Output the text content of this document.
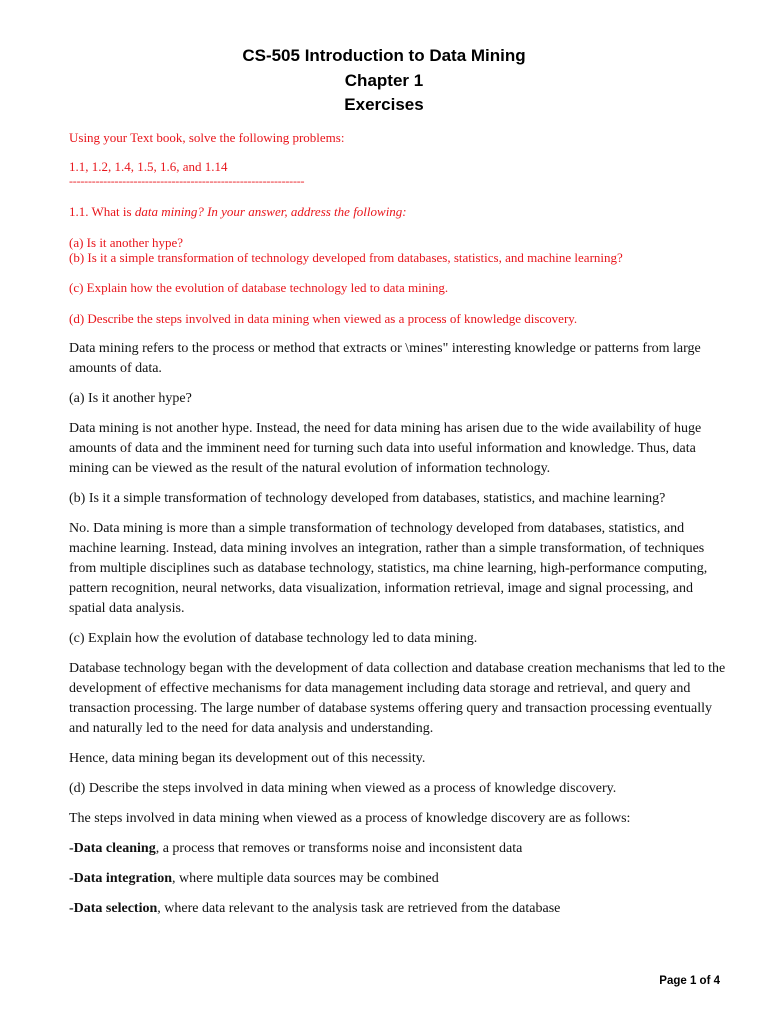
CS-505 Introduction to Data Mining
Chapter 1
Exercises
Using your Text book, solve the following problems:
1.1, 1.2, 1.4, 1.5, 1.6, and 1.14
--------------------------------------------------------------
1.1. What is data mining? In your answer, address the following:
(a) Is it another hype?
(b) Is it a simple transformation of technology developed from databases, statistics, and machine learning?
(c) Explain how the evolution of database technology led to data mining.
(d) Describe the steps involved in data mining when viewed as a process of knowledge discovery.

Data mining refers to the process or method that extracts or \mines" interesting knowledge or patterns from large amounts of data.

(a) Is it another hype?

Data mining is not another hype. Instead, the need for data mining has arisen due to the wide availability of huge amounts of data and the imminent need for turning such data into useful information and knowledge. Thus, data mining can be viewed as the result of the natural evolution of information technology.

(b) Is it a simple transformation of technology developed from databases, statistics, and machine learning?

No. Data mining is more than a simple transformation of technology developed from databases, statistics, and machine learning. Instead, data mining involves an integration, rather than a simple transformation, of techniques from multiple disciplines such as database technology, statistics, ma chine learning, high-performance computing, pattern recognition, neural networks, data visualization, information retrieval, image and signal processing, and spatial data analysis.

(c) Explain how the evolution of database technology led to data mining.

Database technology began with the development of data collection and database creation mechanisms that led to the development of effective mechanisms for data management including data storage and retrieval, and query and transaction processing. The large number of database systems offering query and transaction processing eventually and naturally led to the need for data analysis and understanding.

Hence, data mining began its development out of this necessity.

(d) Describe the steps involved in data mining when viewed as a process of knowledge discovery.

The steps involved in data mining when viewed as a process of knowledge discovery are as follows:

-Data cleaning, a process that removes or transforms noise and inconsistent data

-Data integration, where multiple data sources may be combined

-Data selection, where data relevant to the analysis task are retrieved from the database

Page 1 of 4
